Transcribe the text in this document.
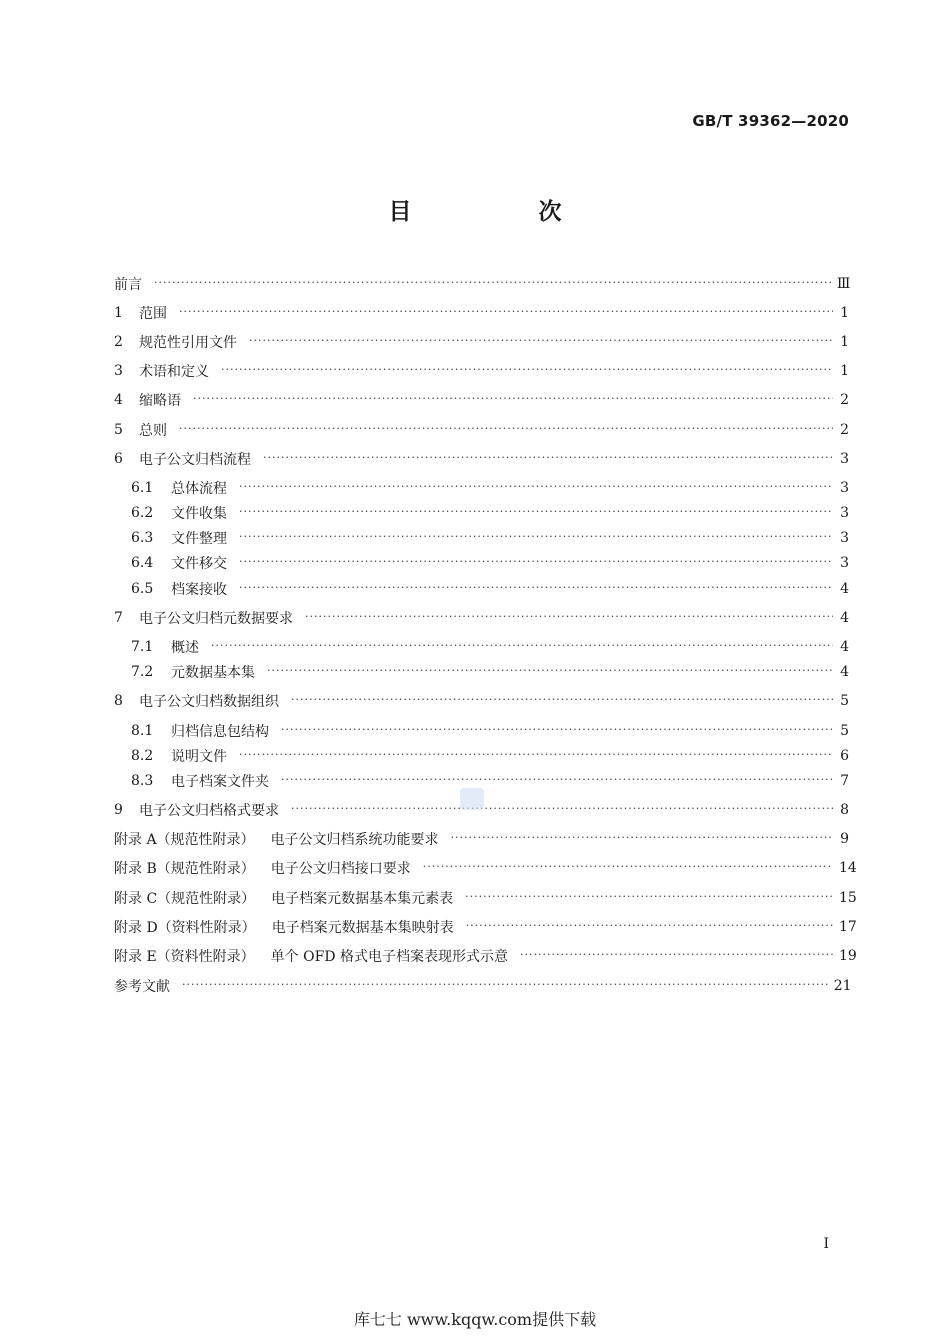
GB/T 39362—2020
目　次
前言 ·····	Ⅲ
1	范围 ·····	1
2	规范性引用文件 ·····	1
3	术语和定义 ·····	1
4	缩略语 ·····	2
5	总则 ·····	2
6	电子公文归档流程 ·····	3
6.1	总体流程 ·····	3
6.2	文件收集 ·····	3
6.3	文件整理 ·····	3
6.4	文件移交 ·····	3
6.5	档案接收 ·····	4
7	电子公文归档元数据要求 ·····	4
7.1	概述 ·····	4
7.2	元数据基本集 ·····	4
8	电子公文归档数据组织 ·····	5
8.1	归档信息包结构 ·····	5
8.2	说明文件 ·····	6
8.3	电子档案文件夹 ·····	7
9	电子公文归档格式要求 ·····	8
附录 A（规范性附录） 电子公文归档系统功能要求 ·····	9
附录 B（规范性附录） 电子公文归档接口要求 ·····	14
附录 C（规范性附录） 电子档案元数据基本集元素表 ·····	15
附录 D（资料性附录） 电子档案元数据基本集映射表 ·····	17
附录 E（资料性附录） 单个 OFD 格式电子档案表现形式示意 ·····	19
参考文献 ·····	21
I
库七七 www.kqqw.com提供下载
